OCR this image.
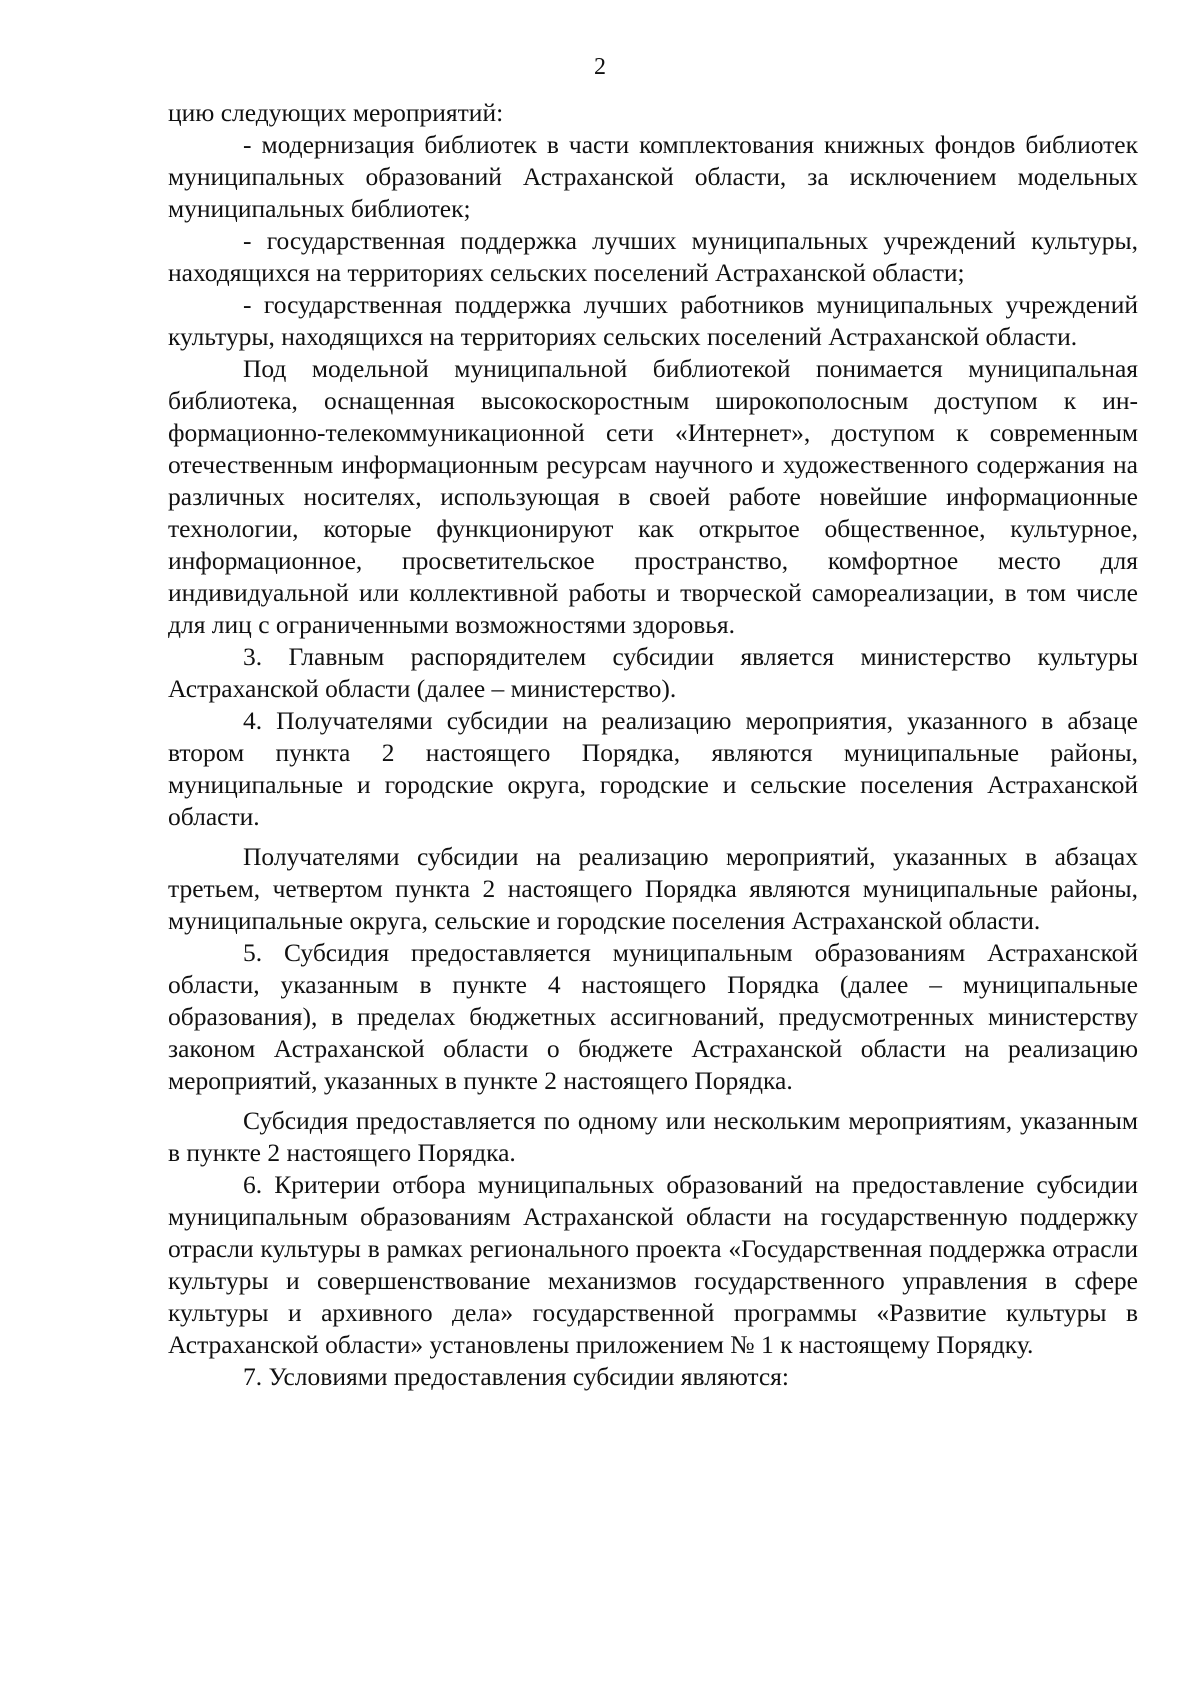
2

цию следующих мероприятий:

- модернизация библиотек в части комплектования книжных фондов библиотек муниципальных образований Астраханской области, за исключением модельных муниципальных библиотек;

- государственная поддержка лучших муниципальных учреждений культуры, находящихся на территориях сельских поселений Астраханской области;

- государственная поддержка лучших работников муниципальных учреждений культуры, находящихся на территориях сельских поселений Астраханской области.

Под модельной муниципальной библиотекой понимается муниципальная библиотека, оснащенная высокоскоростным широкополосным доступом к информационно-телекоммуникационной сети «Интернет», доступом к современным отечественным информационным ресурсам научного и художественного содержания на различных носителях, использующая в своей работе новейшие информационные технологии, которые функционируют как открытое общественное, культурное, информационное, просветительское пространство, комфортное место для индивидуальной или коллективной работы и творческой самореализации, в том числе для лиц с ограниченными возможностями здоровья.

3. Главным распорядителем субсидии является министерство культуры Астраханской области (далее – министерство).

4. Получателями субсидии на реализацию мероприятия, указанного в абзаце втором пункта 2 настоящего Порядка, являются муниципальные районы, муниципальные и городские округа, городские и сельские поселения Астраханской области.

Получателями субсидии на реализацию мероприятий, указанных в абзацах третьем, четвертом пункта 2 настоящего Порядка являются муниципальные районы, муниципальные округа, сельские и городские поселения Астраханской области.

5. Субсидия предоставляется муниципальным образованиям Астраханской области, указанным в пункте 4 настоящего Порядка (далее – муниципальные образования), в пределах бюджетных ассигнований, предусмотренных министерству законом Астраханской области о бюджете Астраханской области на реализацию мероприятий, указанных в пункте 2 настоящего Порядка.

Субсидия предоставляется по одному или нескольким мероприятиям, указанным в пункте 2 настоящего Порядка.

6. Критерии отбора муниципальных образований на предоставление субсидии муниципальным образованиям Астраханской области на государственную поддержку отрасли культуры в рамках регионального проекта «Государственная поддержка отрасли культуры и совершенствование механизмов государственного управления в сфере культуры и архивного дела» государственной программы «Развитие культуры в Астраханской области» установлены приложением № 1 к настоящему Порядку.

7. Условиями предоставления субсидии являются:
